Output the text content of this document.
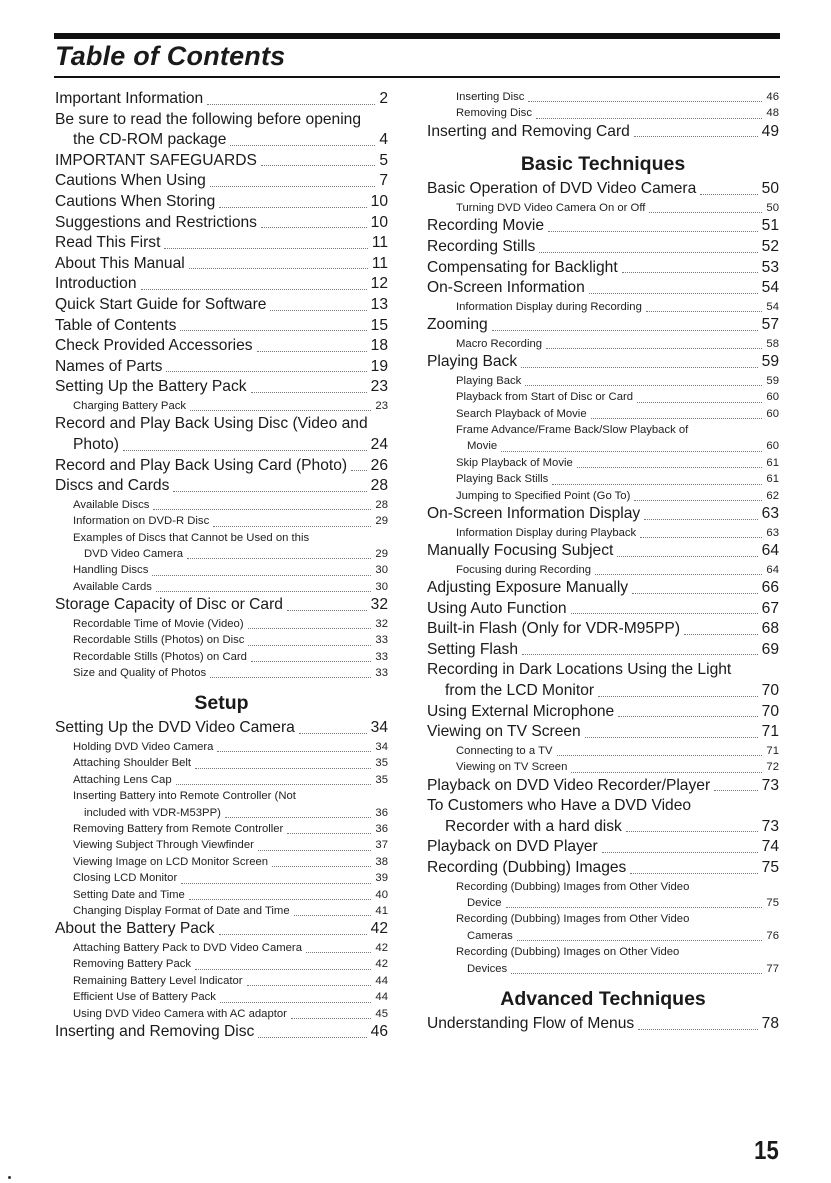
Table of Contents
Important Information	2
Be sure to read the following before opening
the CD-ROM package	4
IMPORTANT SAFEGUARDS	5
Cautions When Using	7
Cautions When Storing	10
Suggestions and Restrictions	10
Read This First	11
About This Manual	11
Introduction	12
Quick Start Guide for Software	13
Table of Contents	15
Check Provided Accessories	18
Names of Parts	19
Setting Up the Battery Pack	23
Charging Battery Pack	23
Record and Play Back Using Disc (Video and
Photo)	24
Record and Play Back Using Card (Photo) 26
Discs and Cards	28
Available Discs	28
Information on DVD-R Disc	29
Examples of Discs that Cannot be Used on this
DVD Video Camera	29
Handling Discs	30
Available Cards	30
Storage Capacity of Disc or Card	32
Recordable Time of Movie (Video)	32
Recordable Stills (Photos) on Disc	33
Recordable Stills (Photos) on Card	33
Size and Quality of Photos	33
Setup
Setting Up the DVD Video Camera	34
Holding DVD Video Camera	34
Attaching Shoulder Belt	35
Attaching Lens Cap	35
Inserting Battery into Remote Controller (Not
included with VDR-M53PP)	36
Removing Battery from Remote Controller	36
Viewing Subject Through Viewfinder	37
Viewing Image on LCD Monitor Screen	38
Closing LCD Monitor	39
Setting Date and Time	40
Changing Display Format of Date and Time	41
About the Battery Pack	42
Attaching Battery Pack to DVD Video Camera	42
Removing Battery Pack	42
Remaining Battery Level Indicator	44
Efficient Use of Battery Pack	44
Using DVD Video Camera with AC adaptor	45
Inserting and Removing Disc	46
Inserting Disc	46
Removing Disc	48
Inserting and Removing Card	49
Basic Techniques
Basic Operation of DVD Video Camera	50
Turning DVD Video Camera On or Off	50
Recording Movie	51
Recording Stills	52
Compensating for Backlight	53
On-Screen Information	54
Information Display during Recording	54
Zooming	57
Macro Recording	58
Playing Back	59
Playing Back	59
Playback from Start of Disc or Card	60
Search Playback of Movie	60
Frame Advance/Frame Back/Slow Playback of
Movie	60
Skip Playback of Movie	61
Playing Back Stills	61
Jumping to Specified Point (Go To)	62
On-Screen Information Display	63
Information Display during Playback	63
Manually Focusing Subject	64
Focusing during Recording	64
Adjusting Exposure Manually	66
Using Auto Function	67
Built-in Flash (Only for VDR-M95PP)	68
Setting Flash	69
Recording in Dark Locations Using the Light
from the LCD Monitor	70
Using External Microphone	70
Viewing on TV Screen	71
Connecting to a TV	71
Viewing on TV Screen	72
Playback on DVD Video Recorder/Player	73
To Customers who Have a DVD Video
Recorder with a hard disk	73
Playback on DVD Player	74
Recording (Dubbing) Images	75
Recording (Dubbing) Images from Other Video
Device	75
Recording (Dubbing) Images from Other Video
Cameras	76
Recording (Dubbing) Images on Other Video
Devices	77
Advanced Techniques
Understanding Flow of Menus	78
15
